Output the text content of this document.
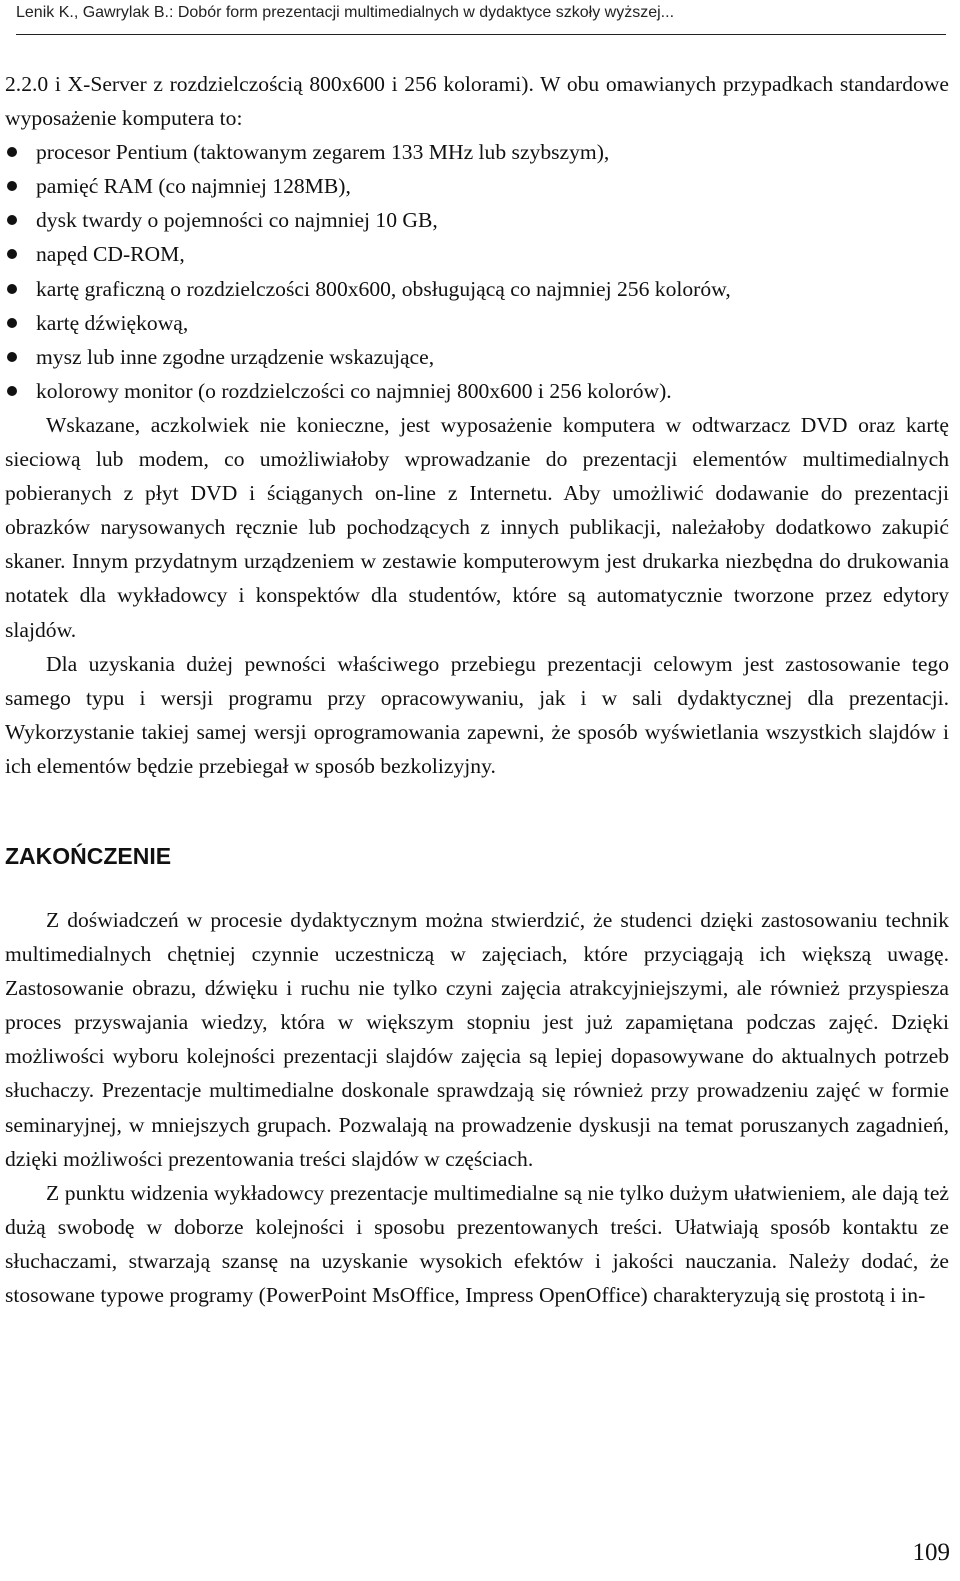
Lenik K., Gawrylak B.: Dobór form prezentacji multimedialnych w dydaktyce szkoły wyższej...

2.2.0 i X-Server z rozdzielczością 800x600 i 256 kolorami). W obu omawianych przypadkach standardowe wyposażenie komputera to:

procesor Pentium (taktowanym zegarem 133 MHz lub szybszym),
pamięć RAM (co najmniej 128MB),
dysk twardy o pojemności co najmniej 10 GB,
napęd CD-ROM,
kartę graficzną o rozdzielczości 800x600, obsługującą co najmniej 256 kolorów,
kartę dźwiękową,
mysz lub inne zgodne urządzenie wskazujące,
kolorowy monitor (o rozdzielczości co najmniej 800x600 i 256 kolorów).

Wskazane, aczkolwiek nie konieczne, jest wyposażenie komputera w odtwarzacz DVD oraz kartę sieciową lub modem, co umożliwiałoby wprowadzanie do prezentacji elementów multimedialnych pobieranych z płyt DVD i ściąganych on-line z Internetu. Aby umożliwić dodawanie do prezentacji obrazków narysowanych ręcznie lub pochodzących z innych publikacji, należałoby dodatkowo zakupić skaner. Innym przydatnym urządzeniem w zestawie komputerowym jest drukarka niezbędna do drukowania notatek dla wykładowcy i konspektów dla studentów, które są automatycznie tworzone przez edytory slajdów.

Dla uzyskania dużej pewności właściwego przebiegu prezentacji celowym jest zastosowanie tego samego typu i wersji programu przy opracowywaniu, jak i w sali dydaktycznej dla prezentacji. Wykorzystanie takiej samej wersji oprogramowania zapewni, że sposób wyświetlania wszystkich slajdów i ich elementów będzie przebiegał w sposób bezkolizyjny.

ZAKOŃCZENIE

Z doświadczeń w procesie dydaktycznym można stwierdzić, że studenci dzięki zastosowaniu technik multimedialnych chętniej czynnie uczestniczą w zajęciach, które przyciągają ich większą uwagę. Zastosowanie obrazu, dźwięku i ruchu nie tylko czyni zajęcia atrakcyjniejszymi, ale również przyspiesza proces przyswajania wiedzy, która w większym stopniu jest już zapamiętana podczas zajęć. Dzięki możliwości wyboru kolejności prezentacji slajdów zajęcia są lepiej dopasowywane do aktualnych potrzeb słuchaczy. Prezentacje multimedialne doskonale sprawdzają się również przy prowadzeniu zajęć w formie seminaryjnej, w mniejszych grupach. Pozwalają na prowadzenie dyskusji na temat poruszanych zagadnień, dzięki możliwości prezentowania treści slajdów w częściach.

Z punktu widzenia wykładowcy prezentacje multimedialne są nie tylko dużym ułatwieniem, ale dają też dużą swobodę w doborze kolejności i sposobu prezentowanych treści. Ułatwiają sposób kontaktu ze słuchaczami, stwarzają szansę na uzyskanie wysokich efektów i jakości nauczania. Należy dodać, że stosowane typowe programy (PowerPoint MsOffice, Impress OpenOffice) charakteryzują się prostotą i in-

109
